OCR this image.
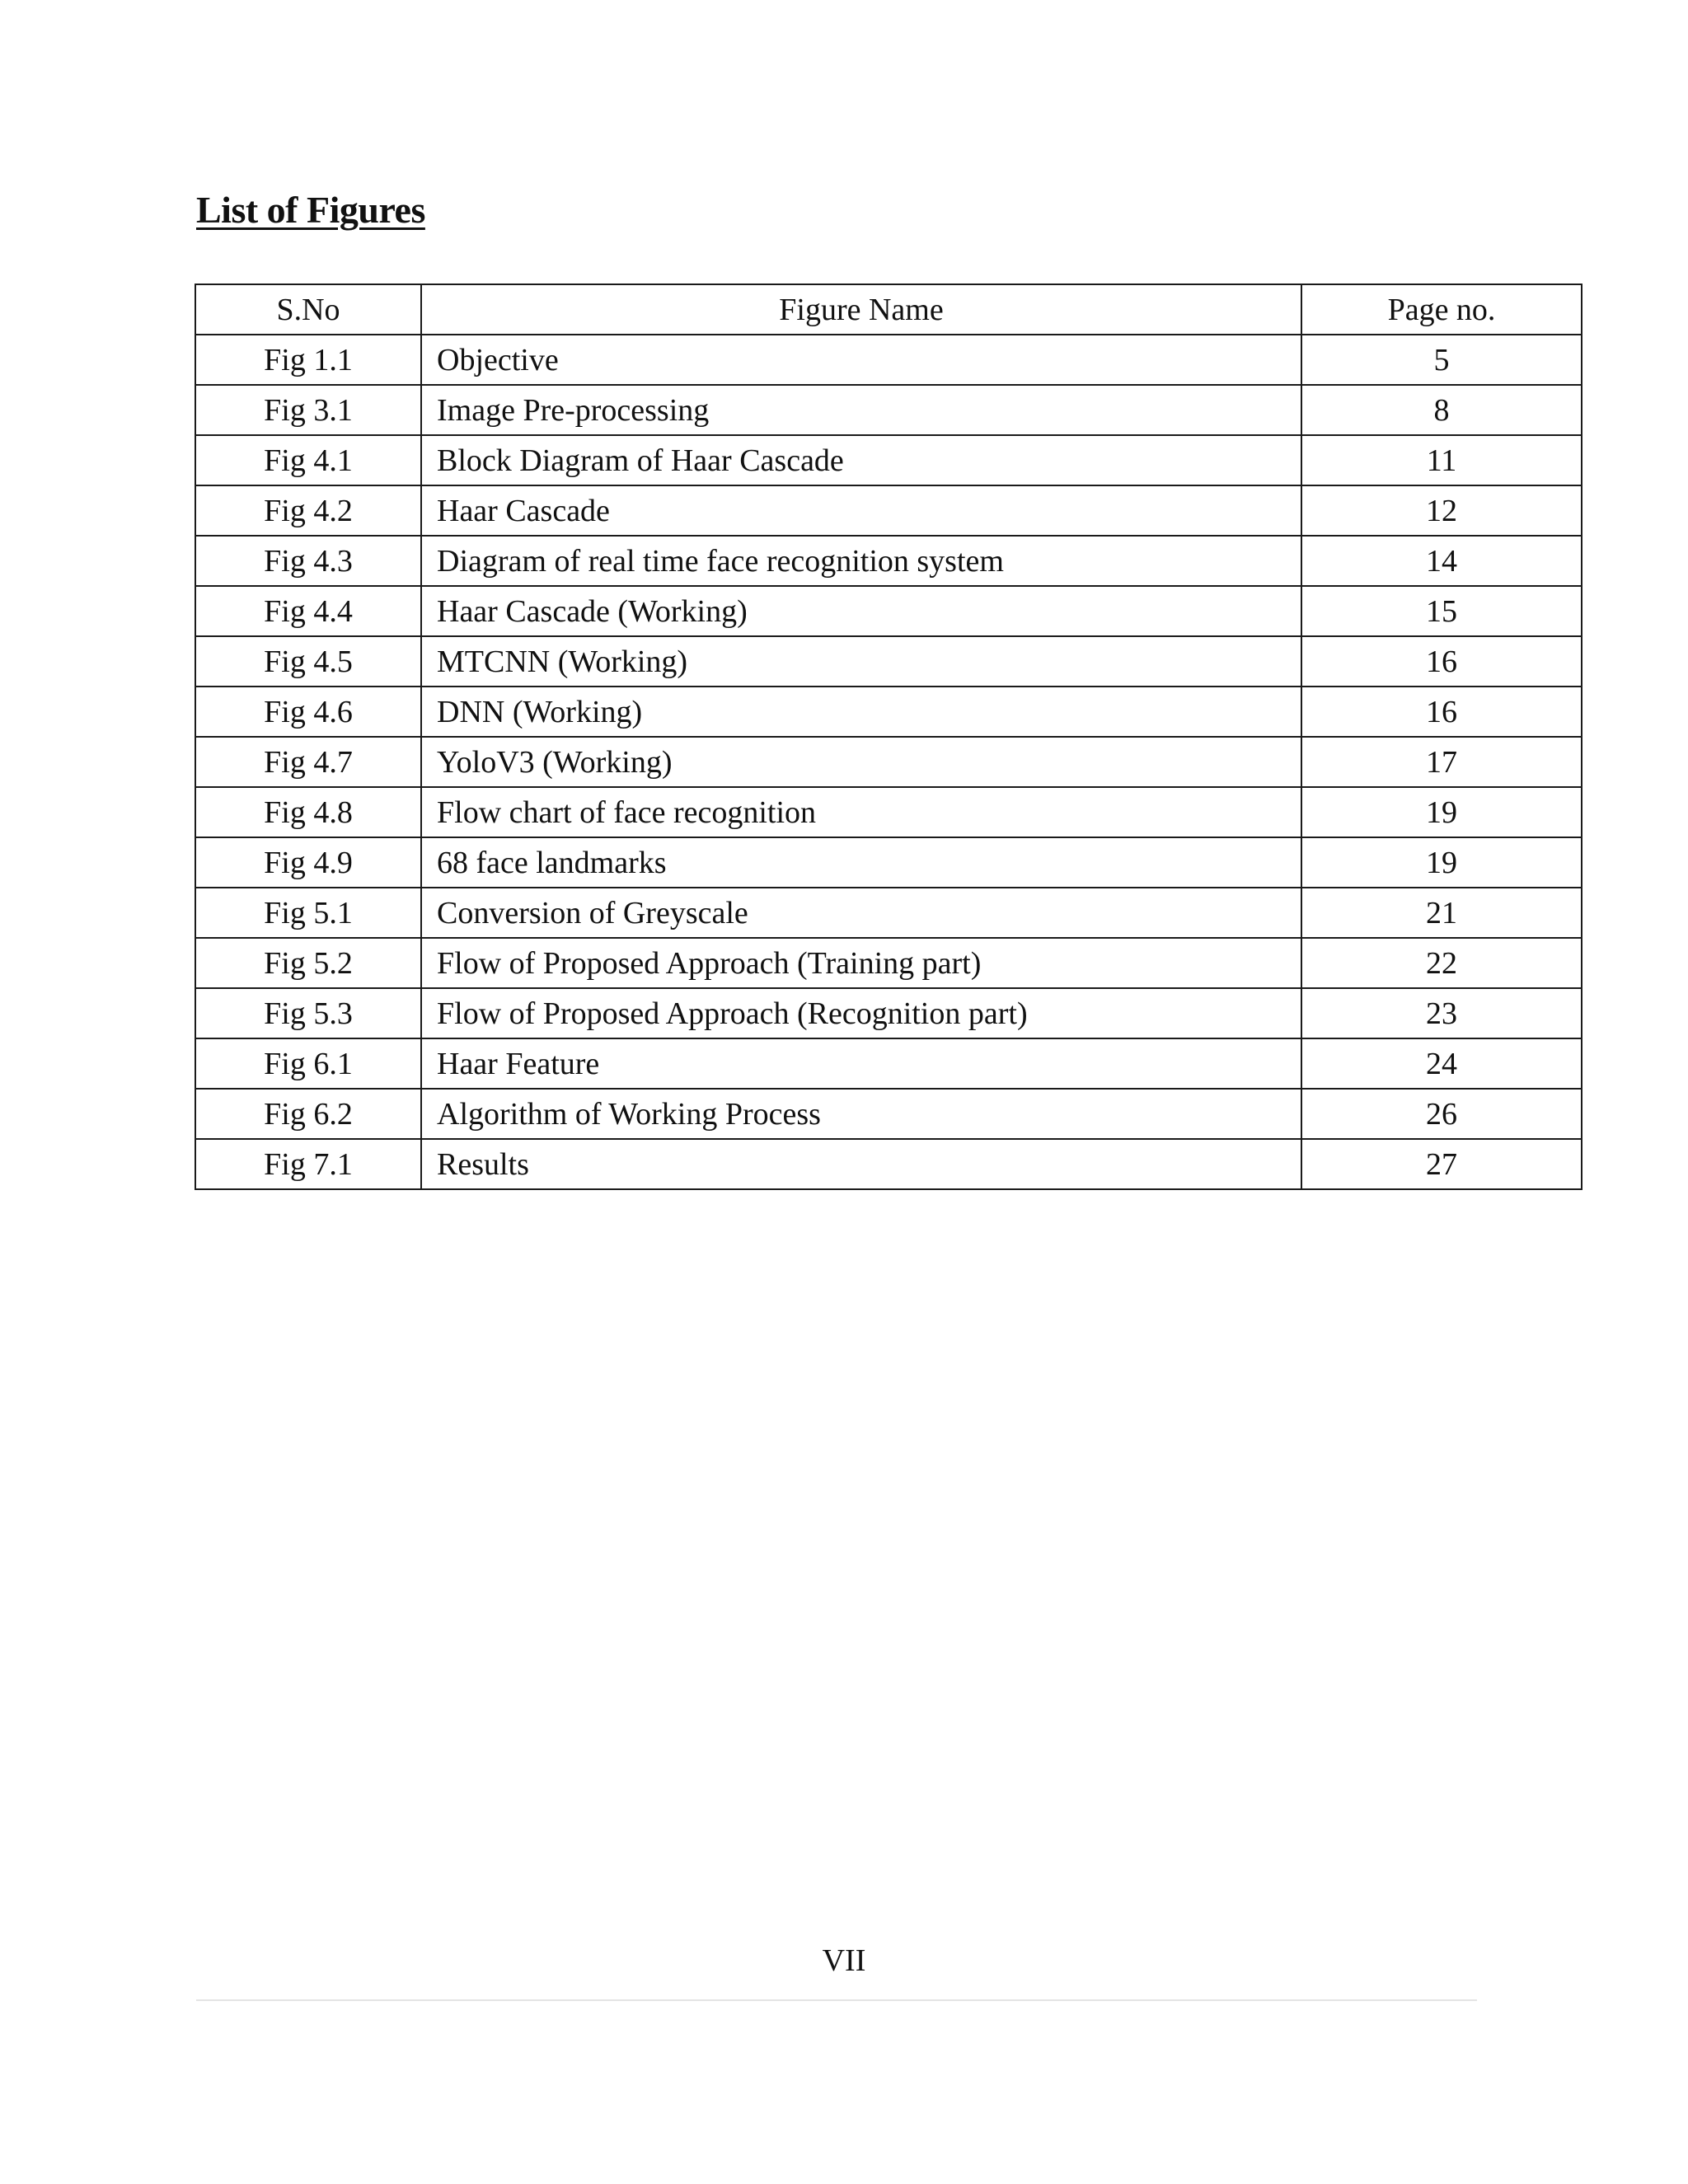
List of Figures
S.No	Figure Name	Page no.
Fig 1.1	Objective	5
Fig 3.1	Image Pre-processing	8
Fig 4.1	Block Diagram of Haar Cascade	11
Fig 4.2	Haar Cascade	12
Fig 4.3	Diagram of real time face recognition system	14
Fig 4.4	Haar Cascade (Working)	15
Fig 4.5	MTCNN (Working)	16
Fig 4.6	DNN (Working)	16
Fig 4.7	YoloV3 (Working)	17
Fig 4.8	Flow chart of face recognition	19
Fig 4.9	68 face landmarks	19
Fig 5.1	Conversion of Greyscale	21
Fig 5.2	Flow of Proposed Approach (Training part)	22
Fig 5.3	Flow of Proposed Approach (Recognition part)	23
Fig 6.1	Haar Feature	24
Fig 6.2	Algorithm of Working Process	26
Fig 7.1	Results	27
VII
